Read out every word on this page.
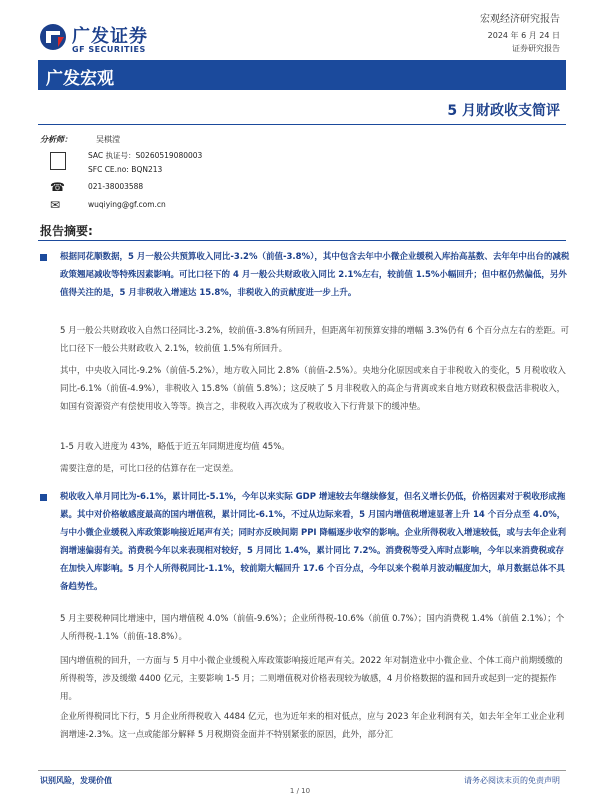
广发证券
GF SECURITIES
宏观经济研究报告
2024 年 6 月 24 日
证券研究报告
广发宏观
5 月财政收支简评
分析师：	吴棋滢
SAC 执证号：S0260519080003
SFC CE.no: BQN213
☎	021-38003588
✉	wuqiying@gf.com.cn
报告摘要:
根据同花顺数据，5 月一般公共预算收入同比-3.2%（前值-3.8%），其中包含去年中小微企业缓税入库抬高基数、去年年中出台的减税政策翘尾减收等特殊因素影响。可比口径下的 4 月一般公共财政收入同比 2.1%左右，较前值 1.5%小幅回升；但中枢仍然偏低，另外值得关注的是，5 月非税收入增速达 15.8%，非税收入的贡献度进一步上升。
5 月一般公共财政收入自然口径同比-3.2%，较前值-3.8%有所回升，但距离年初预算安排的增幅 3.3%仍有 6 个百分点左右的差距。可比口径下一般公共财政收入 2.1%，较前值 1.5%有所回升。
其中，中央收入同比-9.2%（前值-5.2%），地方收入同比 2.8%（前值-2.5%）。央地分化原因或来自于非税收入的变化，5 月税收收入同比-6.1%（前值-4.9%），非税收入 15.8%（前值 5.8%）；这反映了 5 月非税收入的高企与背离或来自地方财政积极盘活非税收入，如国有资源资产有偿使用收入等等。换言之，非税收入再次成为了税收收入下行背景下的缓冲垫。
1-5 月收入进度为 43%，略低于近五年同期进度均值 45%。
需要注意的是，可比口径的估算存在一定误差。
税收收入单月同比为-6.1%，累计同比-5.1%，今年以来实际 GDP 增速较去年继续修复，但名义增长仍低，价格因素对于税收形成拖累。其中对价格敏感度最高的国内增值税，累计同比-6.1%，不过从边际来看，5 月国内增值税增速显著上升 14 个百分点至 4.0%，与中小微企业缓税入库政策影响接近尾声有关；同时亦反映间期 PPI 降幅逐步收窄的影响。企业所得税收入增速较低，或与去年企业利润增速偏弱有关。消费税今年以来表现相对较好，5 月同比 1.4%，累计同比 7.2%。消费税等受入库时点影响，今年以来消费税或存在加快入库影响。5 月个人所得税同比-1.1%，较前期大幅回升 17.6 个百分点，今年以来个税单月波动幅度加大，单月数据总体不具备趋势性。
5 月主要税种同比增速中，国内增值税 4.0%（前值-9.6%）；企业所得税-10.6%（前值 0.7%）；国内消费税 1.4%（前值 2.1%）；个人所得税-1.1%（前值-18.8%）。
国内增值税的回升，一方面与 5 月中小微企业缓税入库政策影响接近尾声有关。2022 年对制造业中小微企业、个体工商户前期缓缴的所得税等，涉及缓缴 4400 亿元，主要影响 1-5 月；二则增值税对价格表现较为敏感，4 月价格数据的温和回升或起到一定的提振作用。
企业所得税同比下行，5 月企业所得税收入 4484 亿元，也为近年来的相对低点，应与 2023 年企业利润有关，如去年全年工业企业利润增速-2.3%。这一点或能部分解释 5 月税期资金面并不特别紧张的原因，此外，部分汇
识别风险，发现价值	请务必阅读末页的免责声明
1 / 10
